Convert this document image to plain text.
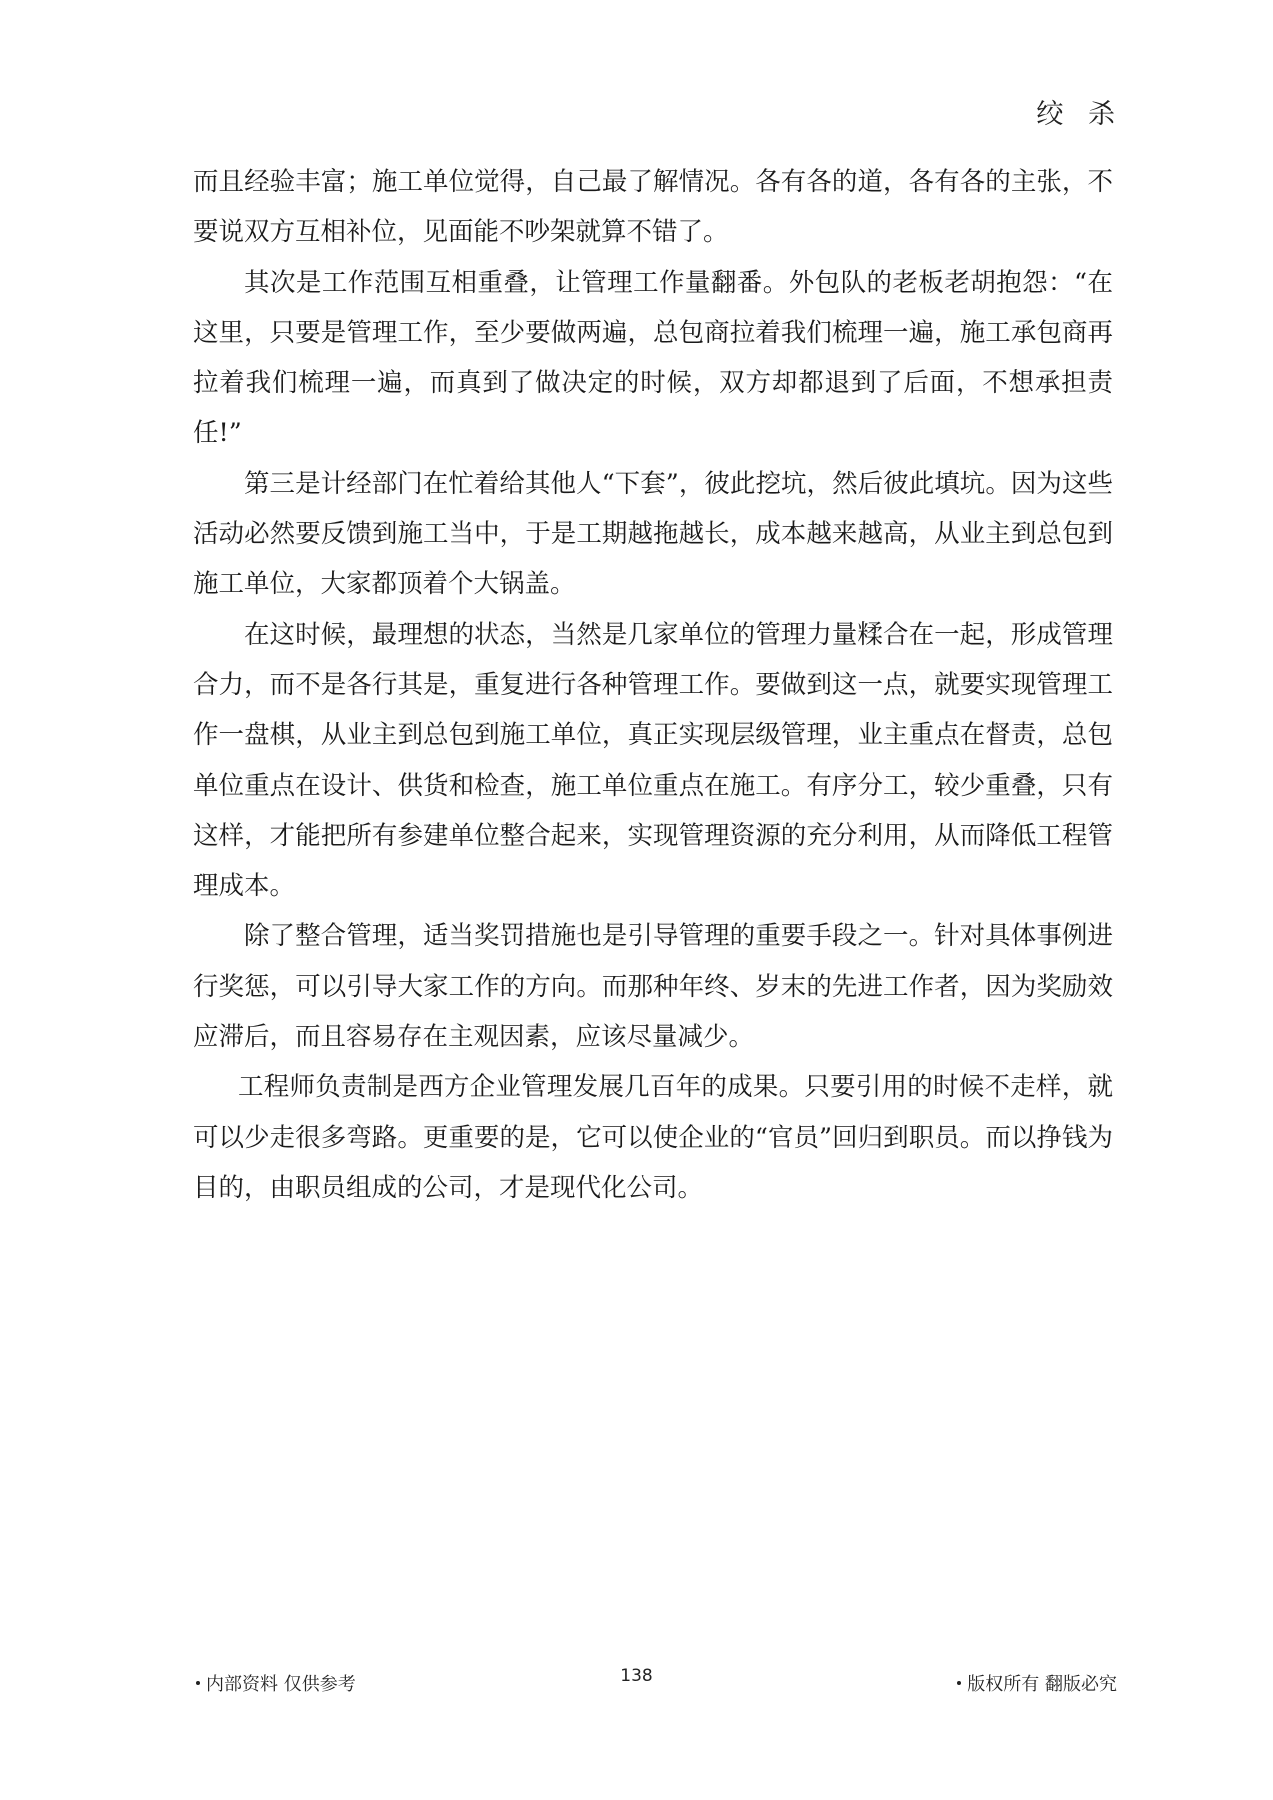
绞 杀

而且经验丰富；施工单位觉得，自己最了解情况。各有各的道，各有各的主张，不要说双方互相补位，见面能不吵架就算不错了。

其次是工作范围互相重叠，让管理工作量翻番。外包队的老板老胡抱怨：“在这里，只要是管理工作，至少要做两遍，总包商拉着我们梳理一遍，施工承包商再拉着我们梳理一遍，而真到了做决定的时候，双方却都退到了后面，不想承担责任!”

第三是计经部门在忙着给其他人“下套”，彼此挖坑，然后彼此填坑。因为这些活动必然要反馈到施工当中，于是工期越拖越长，成本越来越高，从业主到总包到施工单位，大家都顶着个大锅盖。

在这时候，最理想的状态，当然是几家单位的管理力量糅合在一起，形成管理合力，而不是各行其是，重复进行各种管理工作。要做到这一点，就要实现管理工作一盘棋，从业主到总包到施工单位，真正实现层级管理，业主重点在督责，总包单位重点在设计、供货和检查，施工单位重点在施工。有序分工，较少重叠，只有这样，才能把所有参建单位整合起来，实现管理资源的充分利用，从而降低工程管理成本。

除了整合管理，适当奖罚措施也是引导管理的重要手段之一。针对具体事例进行奖惩，可以引导大家工作的方向。而那种年终、岁末的先进工作者，因为奖励效应滞后，而且容易存在主观因素，应该尽量减少。

工程师负责制是西方企业管理发展几百年的成果。只要引用的时候不走样，就可以少走很多弯路。更重要的是，它可以使企业的“官员”回归到职员。而以挣钱为目的，由职员组成的公司，才是现代化公司。

内部资料 仅供参考	138	版权所有 翻版必究
